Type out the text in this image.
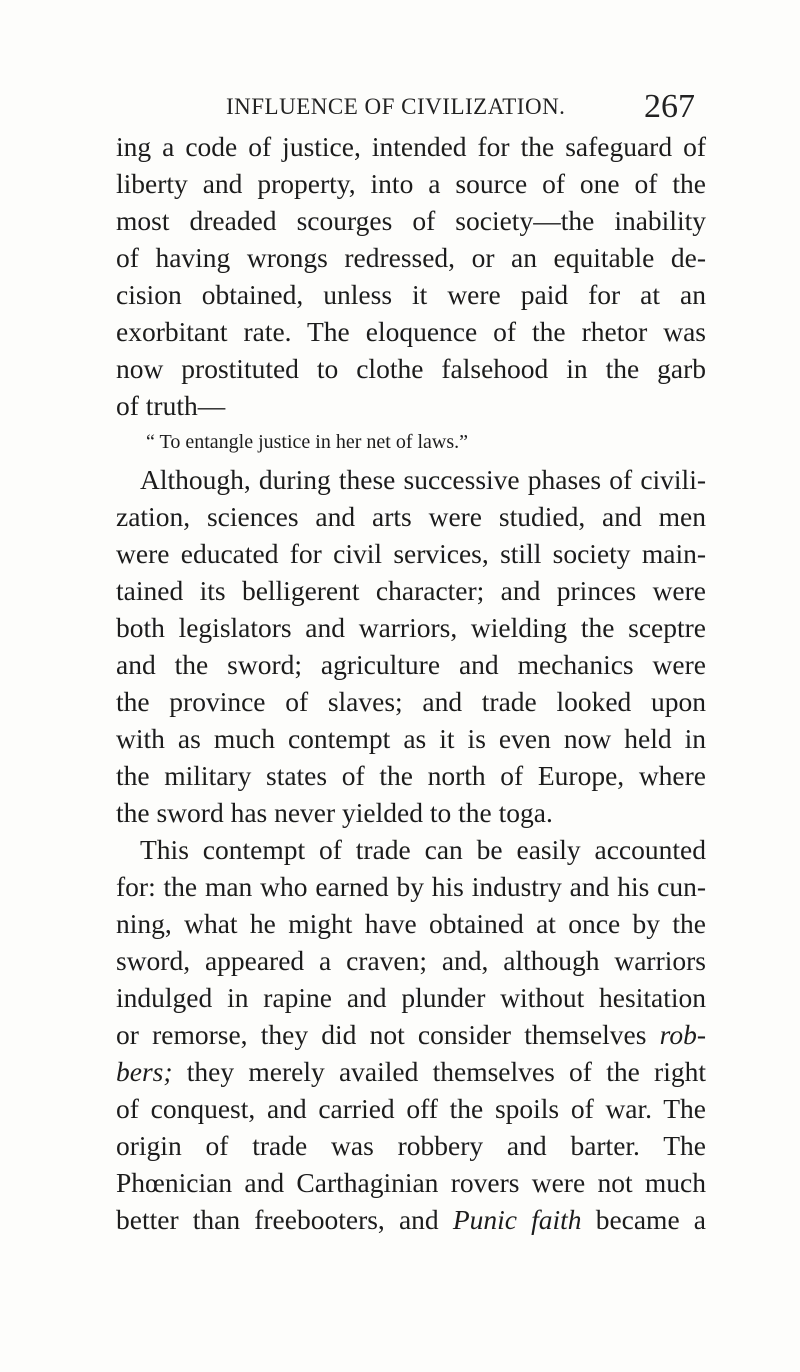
INFLUENCE OF CIVILIZATION. 267
ing a code of justice, intended for the safeguard of
liberty and property, into a source of one of the
most dreaded scourges of society—the inability
of having wrongs redressed, or an equitable de-
cision obtained, unless it were paid for at an
exorbitant rate. The eloquence of the rhetor was
now prostituted to clothe falsehood in the garb
of truth—
“ To entangle justice in her net of laws.”
Although, during these successive phases of civili-
zation, sciences and arts were studied, and men
were educated for civil services, still society main-
tained its belligerent character; and princes were
both legislators and warriors, wielding the sceptre
and the sword; agriculture and mechanics were
the province of slaves; and trade looked upon
with as much contempt as it is even now held in
the military states of the north of Europe, where
the sword has never yielded to the toga.
This contempt of trade can be easily accounted
for: the man who earned by his industry and his cun-
ning, what he might have obtained at once by the
sword, appeared a craven; and, although warriors
indulged in rapine and plunder without hesitation
or remorse, they did not consider themselves rob-
bers; they merely availed themselves of the right
of conquest, and carried off the spoils of war. The
origin of trade was robbery and barter. The
Phœnician and Carthaginian rovers were not much
better than freebooters, and Punic faith became a
